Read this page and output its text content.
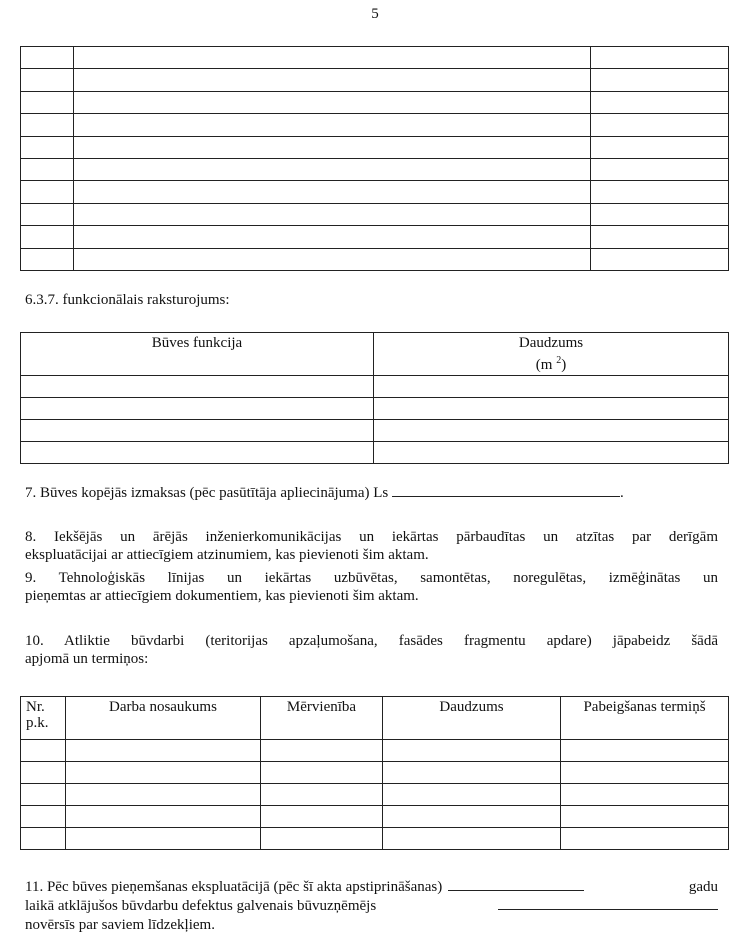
5

6.3.7. funkcionālais raksturojums:
Būves funkcija	Daudzums
(m $^2$)

7. Būves kopējās izmaksas (pēc pasūtītāja apliecinājuma) Ls	.
8. Iekšējās un ārējās inženierkomunikācijas un iekārtas pārbaudītas un atzītas par derīgām
ekspluatācijai ar attiecīgiem atzinumiem, kas pievienoti šim aktam.
9. Tehnoloģiskās līnijas un iekārtas uzbūvētas, samontētas, noregulētas, izmēģinātas un
pieņemtas ar attiecīgiem dokumentiem, kas pievienoti šim aktam.
10. Atliktie būvdarbi (teritorijas apzaļumošana, fasādes fragmentu apdare) jāpabeidz šādā
apjomā un termiņos:
Nr.
p.k.	Darba nosaukums	Mērvienība	Daudzums	Pabeigšanas termiņš

11. Pēc būves pieņemšanas ekspluatācijā (pēc šī akta apstiprināšanas)	gadu
laikā atklājušos būvdarbu defektus galvenais būvuzņēmējs
novērsīs par saviem līdzekļiem.
